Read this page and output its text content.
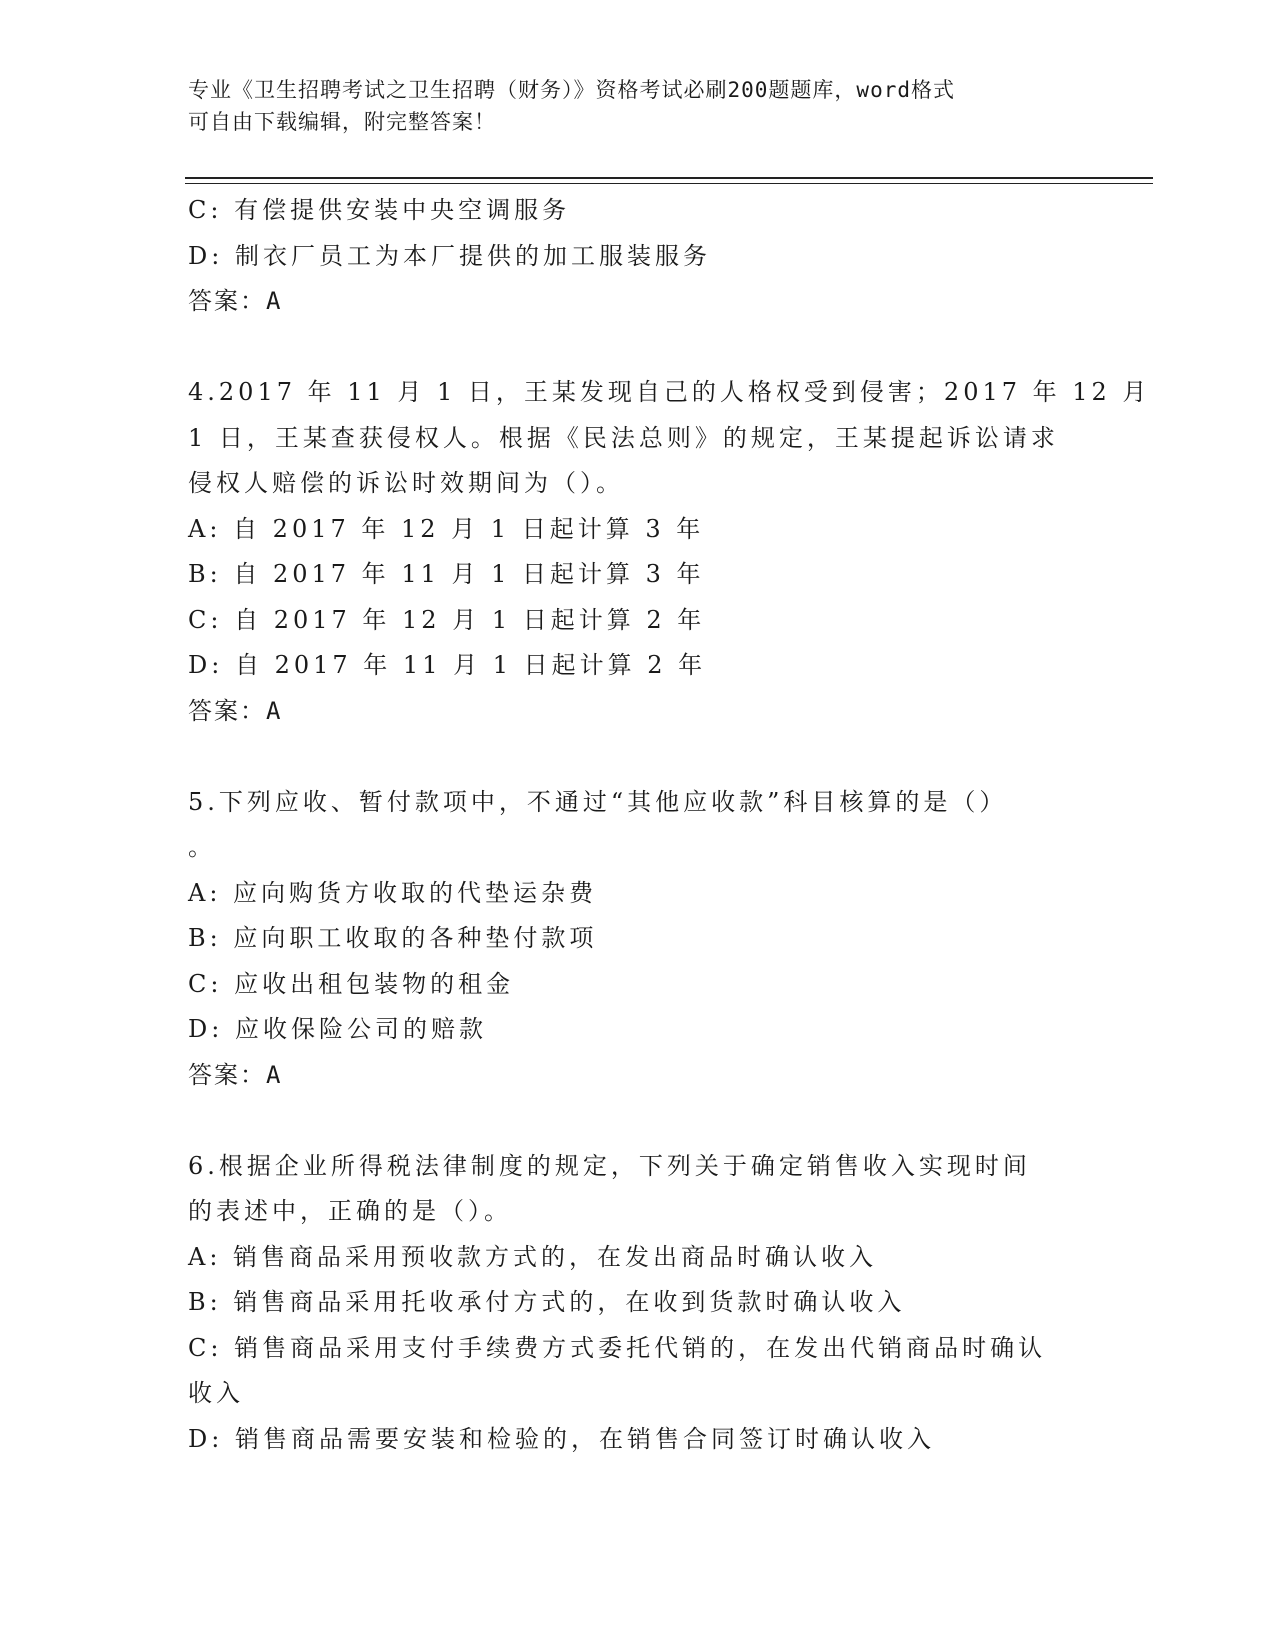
专业《卫生招聘考试之卫生招聘（财务）》资格考试必刷200题题库，word格式
可自由下载编辑，附完整答案！
C: 有偿提供安装中央空调服务
D: 制衣厂员工为本厂提供的加工服装服务
答案：A
4.2017 年 11 月 1 日，王某发现自己的人格权受到侵害；2017 年 12 月
1 日，王某查获侵权人。根据《民法总则》的规定，王某提起诉讼请求
侵权人赔偿的诉讼时效期间为（）。
A: 自 2017 年 12 月 1 日起计算 3 年
B: 自 2017 年 11 月 1 日起计算 3 年
C: 自 2017 年 12 月 1 日起计算 2 年
D: 自 2017 年 11 月 1 日起计算 2 年
答案：A
5.下列应收、暂付款项中，不通过“其他应收款”科目核算的是（）
。
A: 应向购货方收取的代垫运杂费
B: 应向职工收取的各种垫付款项
C: 应收出租包装物的租金
D: 应收保险公司的赔款
答案：A
6.根据企业所得税法律制度的规定，下列关于确定销售收入实现时间
的表述中，正确的是（）。
A: 销售商品采用预收款方式的，在发出商品时确认收入
B: 销售商品采用托收承付方式的，在收到货款时确认收入
C: 销售商品采用支付手续费方式委托代销的，在发出代销商品时确认
收入
D: 销售商品需要安装和检验的，在销售合同签订时确认收入
